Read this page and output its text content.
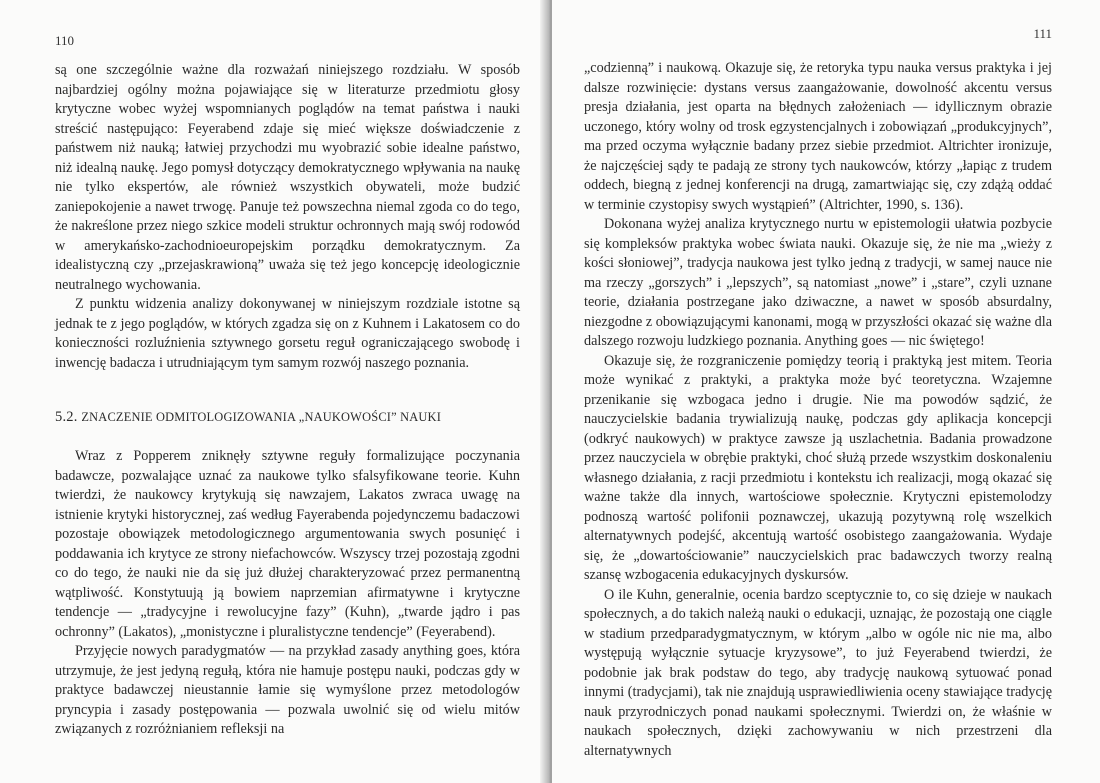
110

są one szczególnie ważne dla rozważań niniejszego rozdziału. W sposób najbardziej ogólny można pojawiające się w literaturze przedmiotu głosy krytyczne wobec wyżej wspomnianych poglądów na temat państwa i nauki streścić następująco: Feyerabend zdaje się mieć większe doświadczenie z państwem niż nauką; łatwiej przychodzi mu wyobrazić sobie idealne państwo, niż idealną naukę. Jego pomysł dotyczący demokratycznego wpływania na naukę nie tylko ekspertów, ale również wszystkich obywateli, może budzić zaniepokojenie a nawet trwogę. Panuje też powszechna niemal zgoda co do tego, że nakreślone przez niego szkice modeli struktur ochronnych mają swój rodowód w amerykańsko-zachodnioeuropejskim porządku demokratycznym. Za idealistyczną czy „przejaskrawioną” uważa się też jego koncepcję ideologicznie neutralnego wychowania.

Z punktu widzenia analizy dokonywanej w niniejszym rozdziale istotne są jednak te z jego poglądów, w których zgadza się on z Kuhnem i Lakatosem co do konieczności rozluźnienia sztywnego gorsetu reguł ograniczającego swobodę i inwencję badacza i utrudniającym tym samym rozwój naszego poznania.

5.2. ZNACZENIE ODMITOLOGIZOWANIA „NAUKOWOŚCI” NAUKI

Wraz z Popperem zniknęły sztywne reguły formalizujące poczynania badawcze, pozwalające uznać za naukowe tylko sfalsyfikowane teorie. Kuhn twierdzi, że naukowcy krytykują się nawzajem, Lakatos zwraca uwagę na istnienie krytyki historycznej, zaś według Fayerabenda pojedynczemu badaczowi pozostaje obowiązek metodologicznego argumentowania swych posunięć i poddawania ich krytyce ze strony niefachowców. Wszyscy trzej pozostają zgodni co do tego, że nauki nie da się już dłużej charakteryzować przez permanentną wątpliwość. Konstytuują ją bowiem naprzemian afirmatywne i krytyczne tendencje — „tradycyjne i rewolucyjne fazy” (Kuhn), „twarde jądro i pas ochronny” (Lakatos), „monistyczne i pluralistyczne tendencje” (Feyerabend).

Przyjęcie nowych paradygmatów — na przykład zasady anything goes, która utrzymuje, że jest jedyną regułą, która nie hamuje postępu nauki, podczas gdy w praktyce badawczej nieustannie łamie się wymyślone przez metodologów pryncypia i zasady postępowania — pozwala uwolnić się od wielu mitów związanych z rozróżnianiem refleksji na

111

„codzienną” i naukową. Okazuje się, że retoryka typu nauka versus praktyka i jej dalsze rozwinięcie: dystans versus zaangażowanie, dowolność akcentu versus presja działania, jest oparta na błędnych założeniach — idyllicznym obrazie uczonego, który wolny od trosk egzystencjalnych i zobowiązań „produkcyjnych”, ma przed oczyma wyłącznie badany przez siebie przedmiot. Altrichter ironizuje, że najczęściej sądy te padają ze strony tych naukowców, którzy „łapiąc z trudem oddech, biegną z jednej konferencji na drugą, zamartwiając się, czy zdążą oddać w terminie czystopisy swych wystąpień” (Altrichter, 1990, s. 136).

Dokonana wyżej analiza krytycznego nurtu w epistemologii ułatwia pozbycie się kompleksów praktyka wobec świata nauki. Okazuje się, że nie ma „wieży z kości słoniowej”, tradycja naukowa jest tylko jedną z tradycji, w samej nauce nie ma rzeczy „gorszych” i „lepszych”, są natomiast „nowe” i „stare”, czyli uznane teorie, działania postrzegane jako dziwaczne, a nawet w sposób absurdalny, niezgodne z obowiązującymi kanonami, mogą w przyszłości okazać się ważne dla dalszego rozwoju ludzkiego poznania. Anything goes — nic świętego!

Okazuje się, że rozgraniczenie pomiędzy teorią i praktyką jest mitem. Teoria może wynikać z praktyki, a praktyka może być teoretyczna. Wzajemne przenikanie się wzbogaca jedno i drugie. Nie ma powodów sądzić, że nauczycielskie badania trywializują naukę, podczas gdy aplikacja koncepcji (odkryć naukowych) w praktyce zawsze ją uszlachetnia. Badania prowadzone przez nauczyciela w obrębie praktyki, choć służą przede wszystkim doskonaleniu własnego działania, z racji przedmiotu i kontekstu ich realizacji, mogą okazać się ważne także dla innych, wartościowe społecznie. Krytyczni epistemolodzy podnoszą wartość polifonii poznawczej, ukazują pozytywną rolę wszelkich alternatywnych podejść, akcentują wartość osobistego zaangażowania. Wydaje się, że „dowartościowanie” nauczycielskich prac badawczych tworzy realną szansę wzbogacenia edukacyjnych dyskursów.

O ile Kuhn, generalnie, ocenia bardzo sceptycznie to, co się dzieje w naukach społecznych, a do takich należą nauki o edukacji, uznając, że pozostają one ciągle w stadium przedparadygmatycznym, w którym „albo w ogóle nic nie ma, albo występują wyłącznie sytuacje kryzysowe”, to już Feyerabend twierdzi, że podobnie jak brak podstaw do tego, aby tradycję naukową sytuować ponad innymi (tradycjami), tak nie znajdują usprawiedliwienia oceny stawiające tradycję nauk przyrodniczych ponad naukami społecznymi. Twierdzi on, że właśnie w naukach społecznych, dzięki zachowywaniu w nich przestrzeni dla alternatywnych
